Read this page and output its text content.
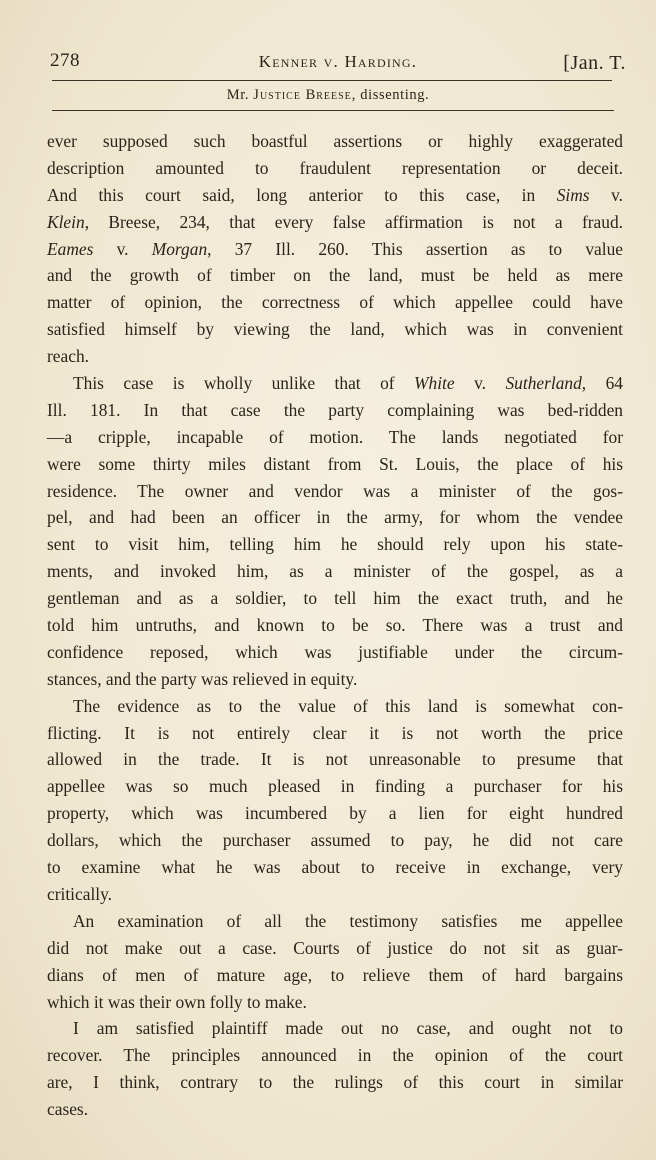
278	Kenner v. Harding.	[Jan. T.
Mr. Justice Breese, dissenting.
ever supposed such boastful assertions or highly exaggerated
description amounted to fraudulent representation or deceit.
And this court said, long anterior to this case, in Sims v.
Klein, Breese, 234, that every false affirmation is not a fraud.
Eames v. Morgan, 37 Ill. 260. This assertion as to value
and the growth of timber on the land, must be held as mere
matter of opinion, the correctness of which appellee could have
satisfied himself by viewing the land, which was in convenient
reach.
This case is wholly unlike that of White v. Sutherland, 64
Ill. 181. In that case the party complaining was bed-ridden
—a cripple, incapable of motion. The lands negotiated for
were some thirty miles distant from St. Louis, the place of his
residence. The owner and vendor was a minister of the gos-
pel, and had been an officer in the army, for whom the vendee
sent to visit him, telling him he should rely upon his state-
ments, and invoked him, as a minister of the gospel, as a
gentleman and as a soldier, to tell him the exact truth, and he
told him untruths, and known to be so. There was a trust and
confidence reposed, which was justifiable under the circum-
stances, and the party was relieved in equity.
The evidence as to the value of this land is somewhat con-
flicting. It is not entirely clear it is not worth the price
allowed in the trade. It is not unreasonable to presume that
appellee was so much pleased in finding a purchaser for his
property, which was incumbered by a lien for eight hundred
dollars, which the purchaser assumed to pay, he did not care
to examine what he was about to receive in exchange, very
critically.
An examination of all the testimony satisfies me appellee
did not make out a case. Courts of justice do not sit as guar-
dians of men of mature age, to relieve them of hard bargains
which it was their own folly to make.
I am satisfied plaintiff made out no case, and ought not to
recover. The principles announced in the opinion of the court
are, I think, contrary to the rulings of this court in similar
cases.
